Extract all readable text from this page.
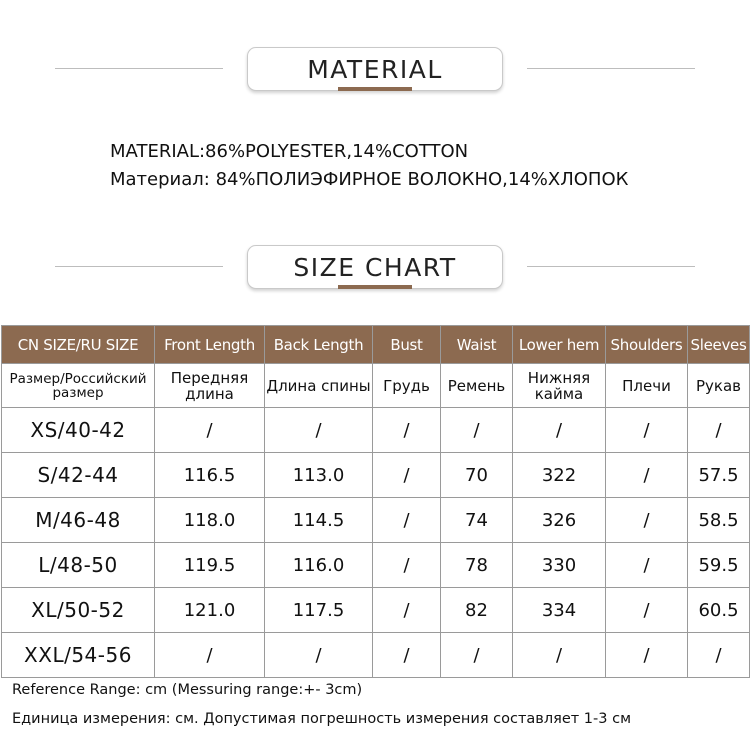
MATERIAL
MATERIAL:86%POLYESTER,14%COTTON
Материал: 84%ПОЛИЭФИРНОЕ ВОЛОКНО,14%ХЛОПОК
SIZE CHART
CN SIZE/RU SIZE	Front Length	Back Length	Bust	Waist	Lower hem	Shoulders	Sleeves
Размер/Российский размер	Передняя длина	Длина спины	Грудь	Ремень	Нижняя кайма	Плечи	Рукав
XS/40-42	/	/	/	/	/	/	/
S/42-44	116.5	113.0	/	70	322	/	57.5
M/46-48	118.0	114.5	/	74	326	/	58.5
L/48-50	119.5	116.0	/	78	330	/	59.5
XL/50-52	121.0	117.5	/	82	334	/	60.5
XXL/54-56	/	/	/	/	/	/	/
Reference Range: cm (Messuring range:+- 3cm)
Единица измерения: см. Допустимая погрешность измерения составляет 1-3 см
